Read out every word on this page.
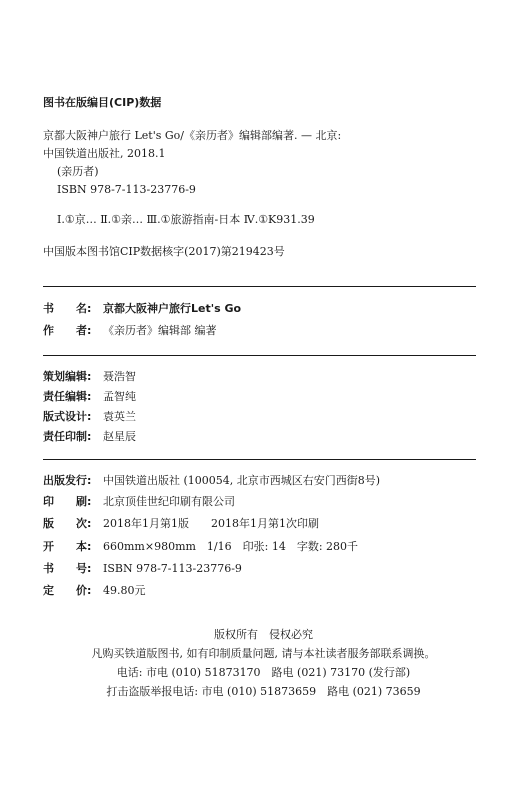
图书在版编目(CIP)数据
京都大阪神户旅行 Let's Go/《亲历者》编辑部编著. — 北京:
中国铁道出版社, 2018.1
(亲历者)
ISBN 978-7-113-23776-9
Ⅰ.①京… Ⅱ.①亲… Ⅲ.①旅游指南-日本 Ⅳ.①K931.39
中国版本图书馆CIP数据核字(2017)第219423号
书　　名:	京都大阪神户旅行Let's Go
作　　者:	《亲历者》编辑部 编著
策划编辑:	聂浩智
责任编辑:	孟智纯
版式设计:	袁英兰
责任印制:	赵星辰
出版发行:	中国铁道出版社 (100054, 北京市西城区右安门西街8号)
印　　刷:	北京顶佳世纪印刷有限公司
版　　次:	2018年1月第1版　　2018年1月第1次印刷
开　　本:	660mm×980mm　1/16　印张: 14　字数: 280千
书　　号:	ISBN 978-7-113-23776-9
定　　价:	49.80元
版权所有　侵权必究
凡购买铁道版图书, 如有印制质量问题, 请与本社读者服务部联系调换。
电话: 市电 (010) 51873170　路电 (021) 73170 (发行部)
打击盗版举报电话: 市电 (010) 51873659　路电 (021) 73659
